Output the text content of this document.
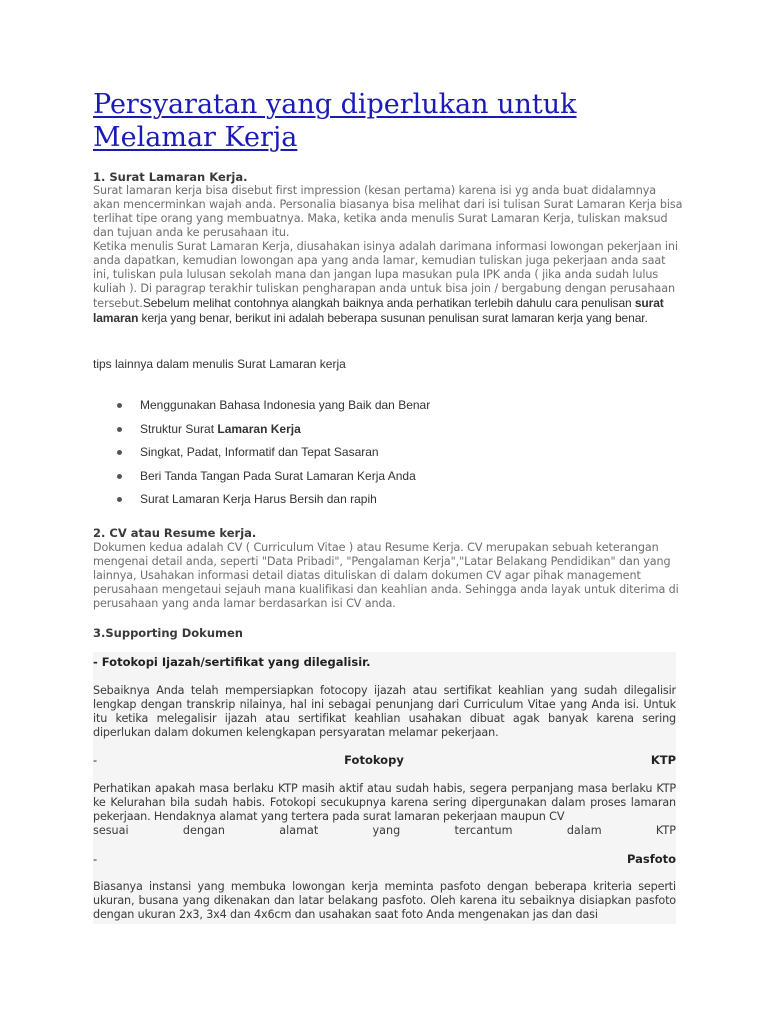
Persyaratan yang diperlukan untuk Melamar Kerja

1. Surat Lamaran Kerja.

Surat lamaran kerja bisa disebut first impression (kesan pertama) karena isi yg anda buat didalamnya akan mencerminkan wajah anda. Personalia biasanya bisa melihat dari isi tulisan Surat Lamaran Kerja bisa terlihat tipe orang yang membuatnya. Maka, ketika anda menulis Surat Lamaran Kerja, tuliskan maksud dan tujuan anda ke perusahaan itu.

Ketika menulis Surat Lamaran Kerja, diusahakan isinya adalah darimana informasi lowongan pekerjaan ini anda dapatkan, kemudian lowongan apa yang anda lamar, kemudian tuliskan juga pekerjaan anda saat ini, tuliskan pula lulusan sekolah mana dan jangan lupa masukan pula IPK anda ( jika anda sudah lulus kuliah ). Di paragrap terakhir tuliskan pengharapan anda untuk bisa join / bergabung dengan perusahaan tersebut.Sebelum melihat contohnya alangkah baiknya anda perhatikan terlebih dahulu cara penulisan surat lamaran kerja yang benar, berikut ini adalah beberapa susunan penulisan surat lamaran kerja yang benar.

tips lainnya dalam menulis Surat Lamaran kerja

Menggunakan Bahasa Indonesia yang Baik dan Benar
Struktur Surat Lamaran Kerja
Singkat, Padat, Informatif dan Tepat Sasaran
Beri Tanda Tangan Pada Surat Lamaran Kerja Anda
Surat Lamaran Kerja Harus Bersih dan rapih

2. CV atau Resume kerja.

Dokumen kedua adalah CV ( Curriculum Vitae ) atau Resume Kerja. CV merupakan sebuah keterangan mengenai detail anda, seperti "Data Pribadi", "Pengalaman Kerja","Latar Belakang Pendidikan" dan yang lainnya, Usahakan informasi detail diatas dituliskan di dalam dokumen CV agar pihak management perusahaan mengetaui sejauh mana kualifikasi dan keahlian anda. Sehingga anda layak untuk diterima di perusahaan yang anda lamar berdasarkan isi CV anda.

3.Supporting Dokumen

- Fotokopi Ijazah/sertifikat yang dilegalisir.

Sebaiknya Anda telah mempersiapkan fotocopy ijazah atau sertifikat keahlian yang sudah dilegalisir lengkap dengan transkrip nilainya, hal ini sebagai penunjang dari Curriculum Vitae yang Anda isi. Untuk itu ketika melegalisir ijazah atau sertifikat keahlian usahakan dibuat agak banyak karena sering diperlukan dalam dokumen kelengkapan persyaratan melamar pekerjaan.

-	Fotokopy	KTP

Perhatikan apakah masa berlaku KTP masih aktif atau sudah habis, segera perpanjang masa berlaku KTP ke Kelurahan bila sudah habis. Fotokopi secukupnya karena sering dipergunakan dalam proses lamaran pekerjaan. Hendaknya alamat yang tertera pada surat lamaran pekerjaan maupun CV

sesuai	dengan	alamat	yang	tercantum	dalam	KTP
-	Pasfoto

Biasanya instansi yang membuka lowongan kerja meminta pasfoto dengan beberapa kriteria seperti ukuran, busana yang dikenakan dan latar belakang pasfoto. Oleh karena itu sebaiknya disiapkan pasfoto dengan ukuran 2x3, 3x4 dan 4x6cm dan usahakan saat foto Anda mengenakan jas dan dasi
